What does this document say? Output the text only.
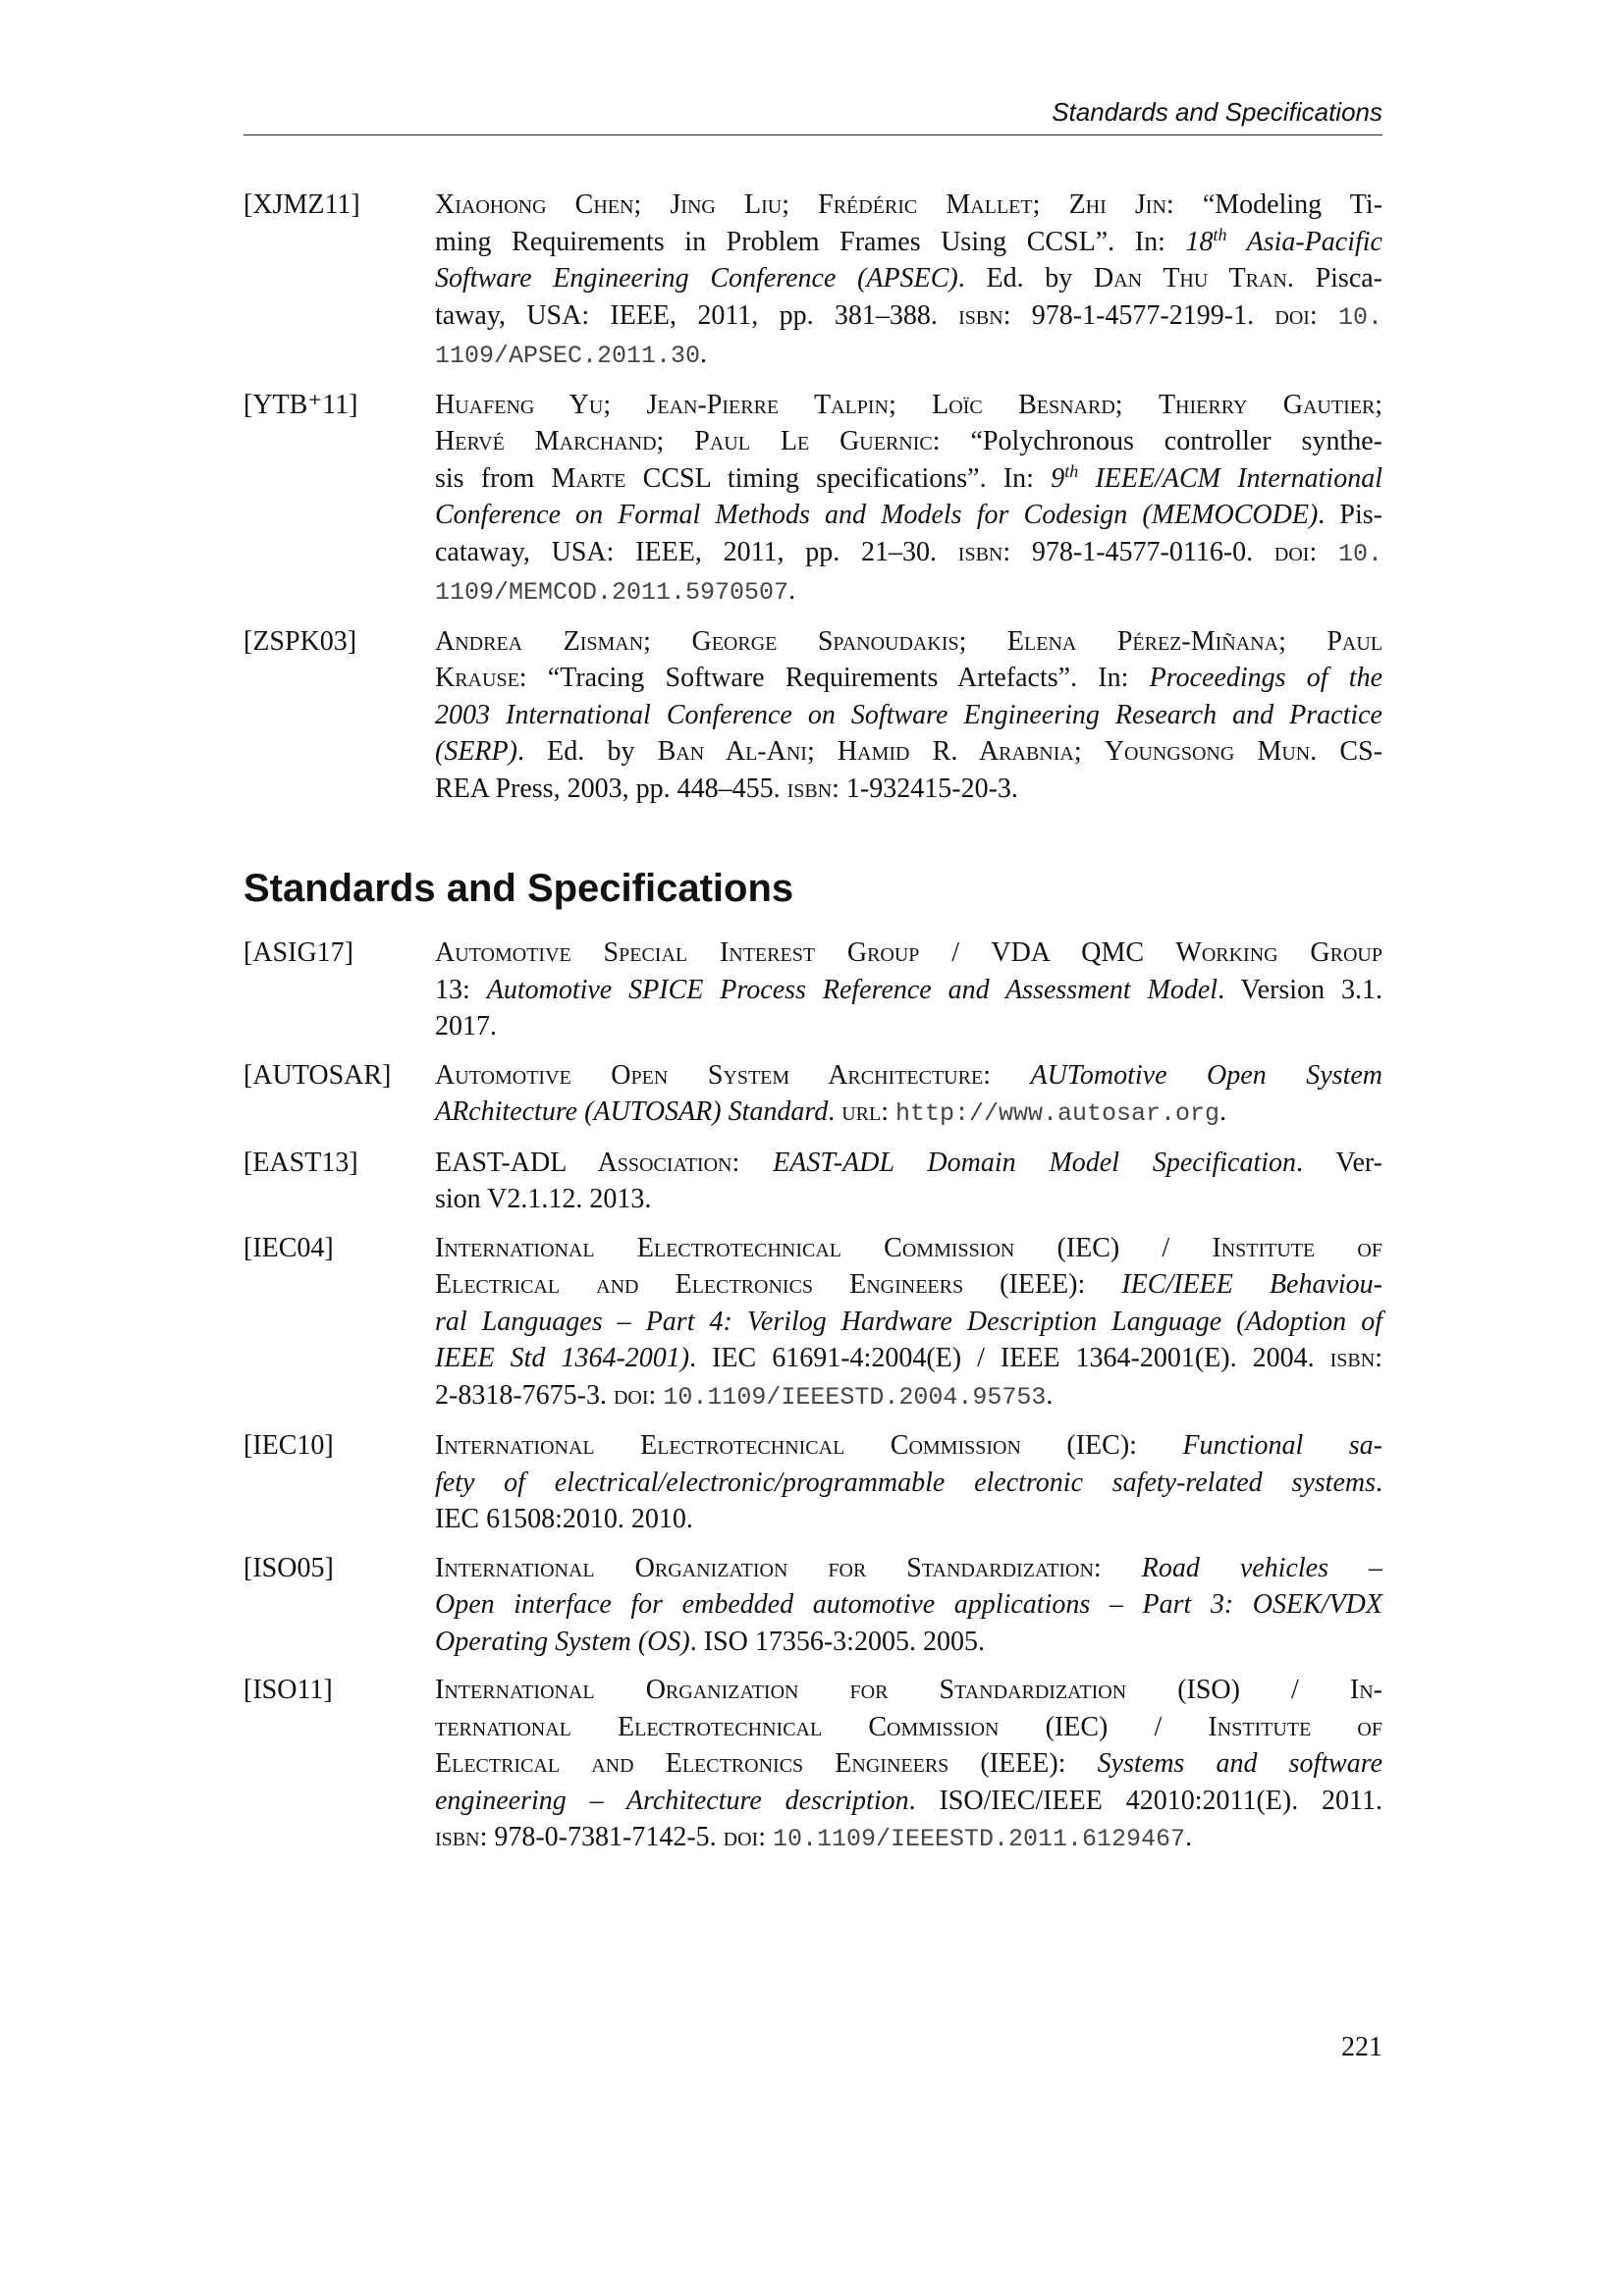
Standards and Specifications
[XJMZ11]	Xiaohong Chen; Jing Liu; Frédéric Mallet; Zhi Jin: “Modeling Ti-

ming Requirements in Problem Frames Using CCSL”. In: 18th Asia-Pacific

Software Engineering Conference (APSEC). Ed. by Dan Thu Tran. Pisca-

taway, USA: IEEE, 2011, pp. 381–388. isbn: 978-1-4577-2199-1. doi: 10.

1109/APSEC.2011.30.

[YTB⁺11]	Huafeng Yu; Jean-Pierre Talpin; Loïc Besnard; Thierry Gautier;

Hervé Marchand; Paul Le Guernic: “Polychronous controller synthe-

sis from Marte CCSL timing specifications”. In: 9th IEEE/ACM International

Conference on Formal Methods and Models for Codesign (MEMOCODE). Pis-

cataway, USA: IEEE, 2011, pp. 21–30. isbn: 978-1-4577-0116-0. doi: 10.

1109/MEMCOD.2011.5970507.

[ZSPK03]	Andrea Zisman; George Spanoudakis; Elena Pérez-Miñana; Paul

Krause: “Tracing Software Requirements Artefacts”. In: Proceedings of the

2003 International Conference on Software Engineering Research and Practice

(SERP). Ed. by Ban Al-Ani; Hamid R. Arabnia; Youngsong Mun. CS-

REA Press, 2003, pp. 448–455. isbn: 1-932415-20-3.

Standards and Specifications
[ASIG17]	Automotive Special Interest Group / VDA QMC Working Group

13: Automotive SPICE Process Reference and Assessment Model. Version 3.1.

2017.

[AUTOSAR]	Automotive Open System Architecture: AUTomotive Open System

ARchitecture (AUTOSAR) Standard. url: http://www.autosar.org.

[EAST13]	EAST-ADL Association: EAST-ADL Domain Model Specification. Ver-

sion V2.1.12. 2013.

[IEC04]	International Electrotechnical Commission (IEC) / Institute of

Electrical and Electronics Engineers (IEEE): IEC/IEEE Behaviou-

ral Languages – Part 4: Verilog Hardware Description Language (Adoption of

IEEE Std 1364-2001). IEC 61691-4:2004(E) / IEEE 1364-2001(E). 2004. isbn:

2-8318-7675-3. doi: 10.1109/IEEESTD.2004.95753.

[IEC10]	International Electrotechnical Commission (IEC): Functional sa-

fety of electrical/electronic/programmable electronic safety-related systems.

IEC 61508:2010. 2010.

[ISO05]	International Organization for Standardization: Road vehicles –

Open interface for embedded automotive applications – Part 3: OSEK/VDX

Operating System (OS). ISO 17356-3:2005. 2005.

[ISO11]	International Organization for Standardization (ISO) / In-

ternational Electrotechnical Commission (IEC) / Institute of

Electrical and Electronics Engineers (IEEE): Systems and software

engineering – Architecture description. ISO/IEC/IEEE 42010:2011(E). 2011.

isbn: 978-0-7381-7142-5. doi: 10.1109/IEEESTD.2011.6129467.

221
